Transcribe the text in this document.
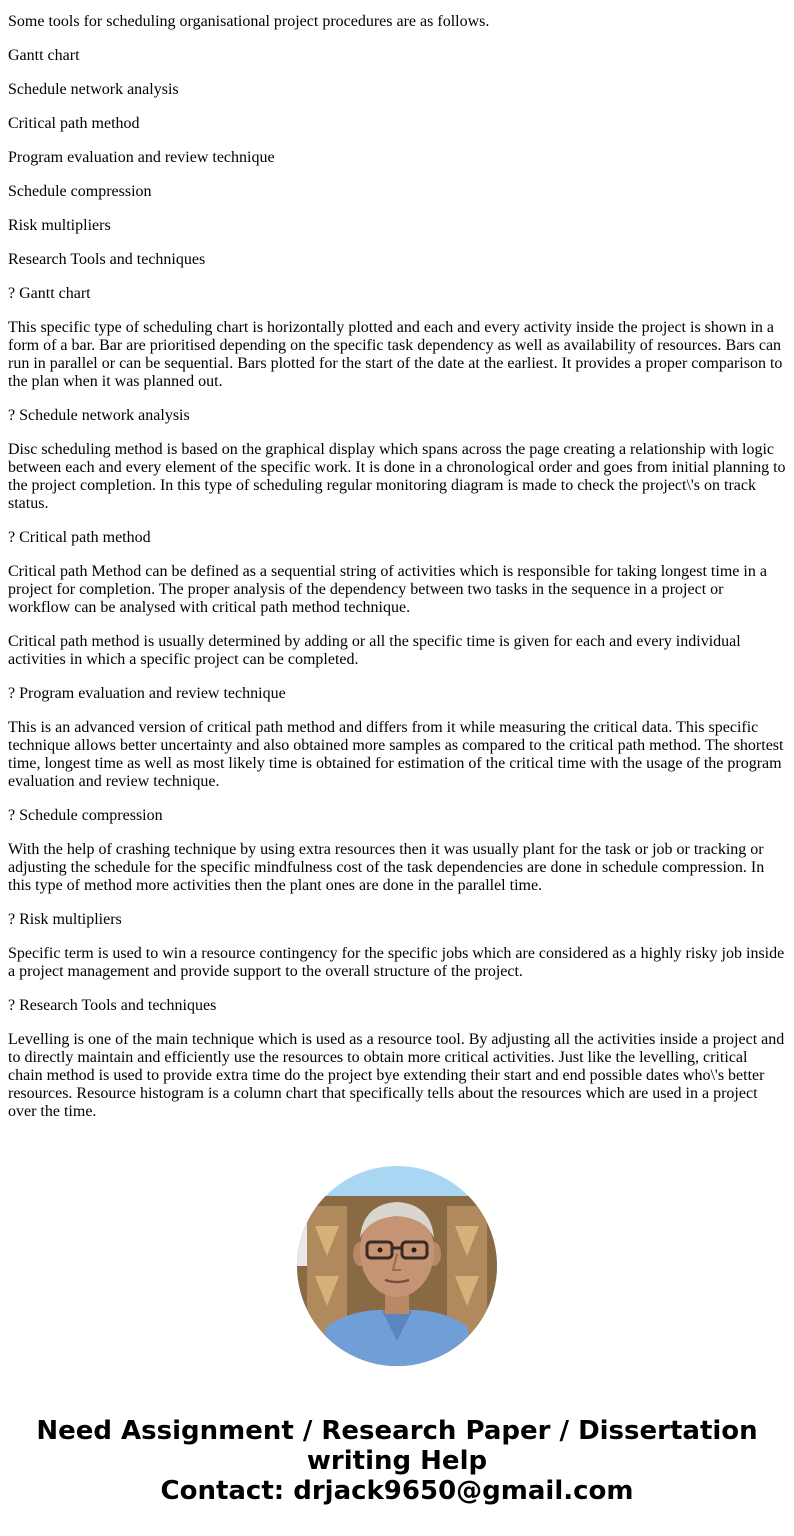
Some tools for scheduling organisational project procedures are as follows.

Gantt chart

Schedule network analysis

Critical path method

Program evaluation and review technique

Schedule compression

Risk multipliers

Research Tools and techniques

? Gantt chart

This specific type of scheduling chart is horizontally plotted and each and every activity inside the project is shown in a form of a bar. Bar are prioritised depending on the specific task dependency as well as availability of resources. Bars can run in parallel or can be sequential. Bars plotted for the start of the date at the earliest. It provides a proper comparison to the plan when it was planned out.

? Schedule network analysis

Disc scheduling method is based on the graphical display which spans across the page creating a relationship with logic between each and every element of the specific work. It is done in a chronological order and goes from initial planning to the project completion. In this type of scheduling regular monitoring diagram is made to check the project\'s on track status.

? Critical path method

Critical path Method can be defined as a sequential string of activities which is responsible for taking longest time in a project for completion. The proper analysis of the dependency between two tasks in the sequence in a project or workflow can be analysed with critical path method technique.

Critical path method is usually determined by adding or all the specific time is given for each and every individual activities in which a specific project can be completed.

? Program evaluation and review technique

This is an advanced version of critical path method and differs from it while measuring the critical data. This specific technique allows better uncertainty and also obtained more samples as compared to the critical path method. The shortest time, longest time as well as most likely time is obtained for estimation of the critical time with the usage of the program evaluation and review technique.

? Schedule compression

With the help of crashing technique by using extra resources then it was usually plant for the task or job or tracking or adjusting the schedule for the specific mindfulness cost of the task dependencies are done in schedule compression. In this type of method more activities then the plant ones are done in the parallel time.

? Risk multipliers

Specific term is used to win a resource contingency for the specific jobs which are considered as a highly risky job inside a project management and provide support to the overall structure of the project.

? Research Tools and techniques

Levelling is one of the main technique which is used as a resource tool. By adjusting all the activities inside a project and to directly maintain and efficiently use the resources to obtain more critical activities. Just like the levelling, critical chain method is used to provide extra time do the project bye extending their start and end possible dates who\'s better resources. Resource histogram is a column chart that specifically tells about the resources which are used in a project over the time.

Need Assignment / Research Paper / Dissertation
writing Help
Contact: drjack9650@gmail.com
